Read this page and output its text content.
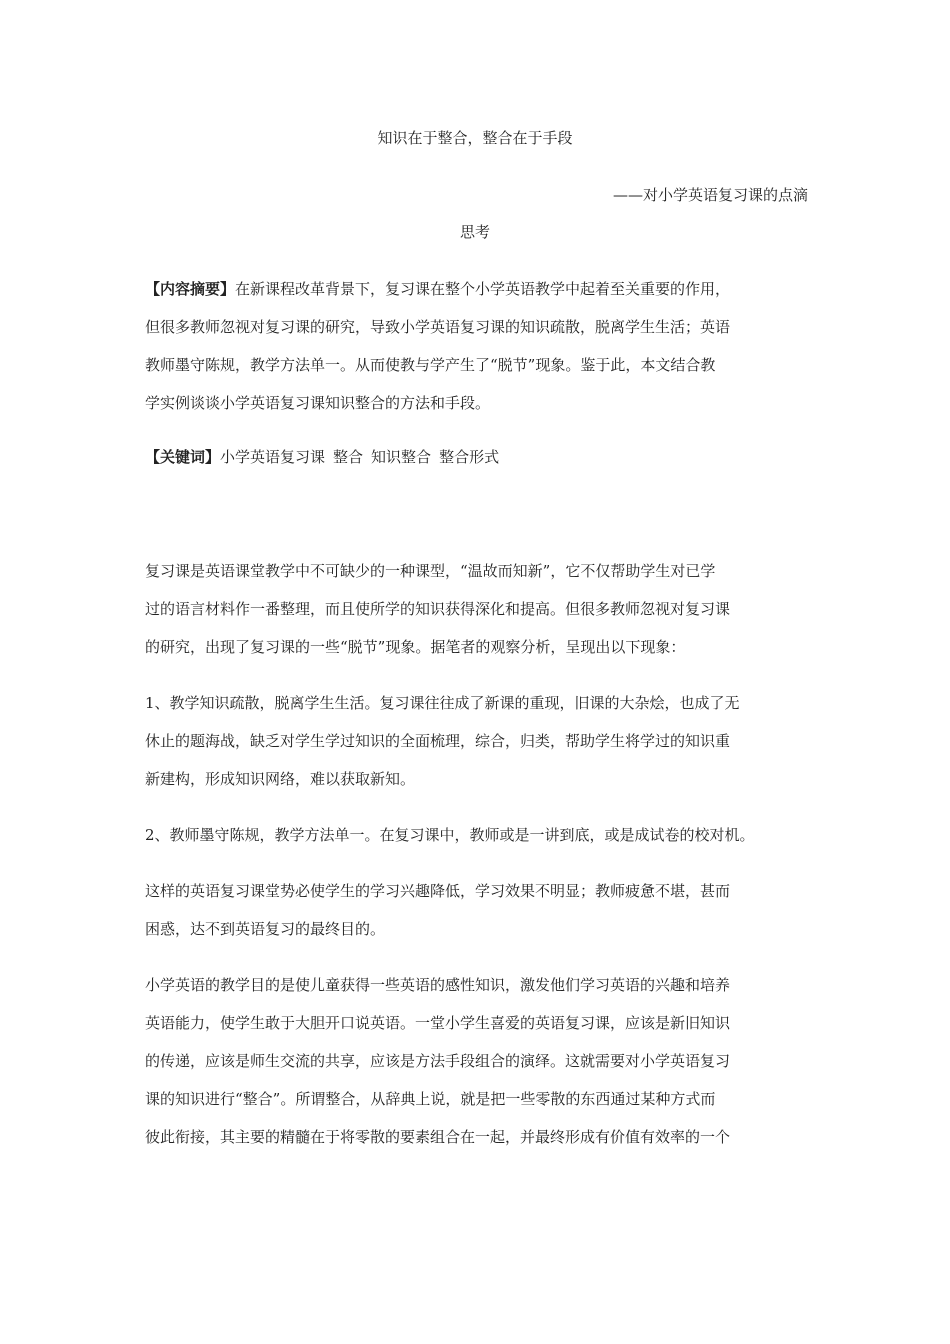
知识在于整合，整合在于手段
——对小学英语复习课的点滴
思考
【内容摘要】在新课程改革背景下，复习课在整个小学英语教学中起着至关重要的作用，
但很多教师忽视对复习课的研究，导致小学英语复习课的知识疏散，脱离学生生活；英语
教师墨守陈规，教学方法单一。从而使教与学产生了“脱节”现象。鉴于此，本文结合教
学实例谈谈小学英语复习课知识整合的方法和手段。
【关键词】小学英语复习课 整合 知识整合 整合形式
复习课是英语课堂教学中不可缺少的一种课型，“温故而知新”，它不仅帮助学生对已学
过的语言材料作一番整理，而且使所学的知识获得深化和提高。但很多教师忽视对复习课
的研究，出现了复习课的一些“脱节”现象。据笔者的观察分析，呈现出以下现象：
1、教学知识疏散，脱离学生生活。复习课往往成了新课的重现，旧课的大杂烩，也成了无
休止的题海战，缺乏对学生学过知识的全面梳理，综合，归类，帮助学生将学过的知识重
新建构，形成知识网络，难以获取新知。
2、教师墨守陈规，教学方法单一。在复习课中，教师或是一讲到底，或是成试卷的校对机。
这样的英语复习课堂势必使学生的学习兴趣降低，学习效果不明显；教师疲惫不堪，甚而
困惑，达不到英语复习的最终目的。
小学英语的教学目的是使儿童获得一些英语的感性知识，激发他们学习英语的兴趣和培养
英语能力，使学生敢于大胆开口说英语。一堂小学生喜爱的英语复习课，应该是新旧知识
的传递，应该是师生交流的共享，应该是方法手段组合的演绎。这就需要对小学英语复习
课的知识进行“整合”。所谓整合，从辞典上说，就是把一些零散的东西通过某种方式而
彼此衔接，其主要的精髓在于将零散的要素组合在一起，并最终形成有价值有效率的一个
